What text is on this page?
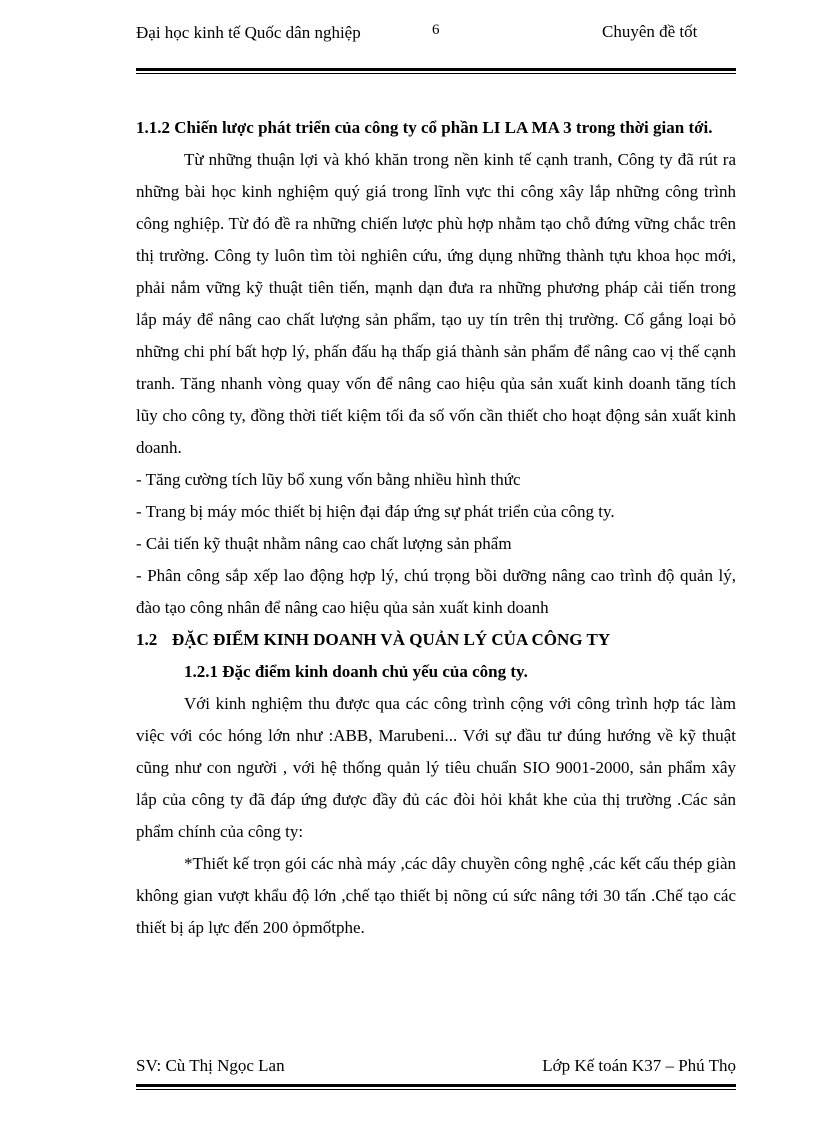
Đại học kinh tế Quốc dân nghiệp	6	Chuyên đề tốt

1.1.2 Chiến lược phát triển của công ty cổ phần LI LA MA 3 trong thời gian tới.

Từ những thuận lợi và khó khăn trong nền kinh tế cạnh tranh, Công ty đã rút ra những bài học kinh nghiệm quý giá trong lĩnh vực thi công xây lắp những công trình công nghiệp. Từ đó đề ra những chiến lược phù hợp nhằm tạo chỗ đứng vững chắc trên thị trường. Công ty luôn tìm tòi nghiên cứu, ứng dụng những thành tựu khoa học mới, phải nắm vững kỹ thuật tiên tiến, mạnh dạn đưa ra những phương pháp cải tiến trong lắp máy để nâng cao chất lượng sản phẩm, tạo uy tín trên thị trường. Cố gắng loại bỏ những chi phí bất hợp lý, phấn đấu hạ thấp giá thành sản phẩm để nâng cao vị thế cạnh tranh. Tăng nhanh vòng quay vốn để nâng cao hiệu qủa sản xuất kinh doanh tăng tích lũy cho công ty, đồng thời tiết kiệm tối đa số vốn cần thiết cho hoạt động sản xuất kinh doanh.

- Tăng cường tích lũy bổ xung vốn bằng nhiều hình thức

- Trang bị máy móc thiết bị hiện đại đáp ứng sự phát triển của công ty.

- Cải tiến kỹ thuật nhằm nâng cao chất lượng sản phẩm

- Phân công sắp xếp lao động hợp lý, chú trọng bồi dưỡng nâng cao trình độ quản lý, đào tạo công nhân để nâng cao hiệu qủa sản xuất kinh doanh

1.2 ĐẶC ĐIỂM KINH DOANH VÀ QUẢN LÝ CỦA CÔNG TY

1.2.1 Đặc điểm kinh doanh chủ yếu của công ty.

Với kinh nghiệm thu được qua các công trình cộng với công trình hợp tác làm việc với cóc hóng lớn như :ABB, Marubeni... Với sự đầu tư đúng hướng về kỹ thuật cũng như con người , với hệ thống quản lý tiêu chuẩn SIO 9001-2000, sản phẩm xây lắp của công ty đã đáp ứng được đầy đủ các đòi hỏi khắt khe của thị trường .Các sản phẩm chính của công ty:

*Thiết kế trọn gói các nhà máy ,các dây chuyền công nghệ ,các kết cấu thép giàn không gian vượt khẩu độ lớn ,chế tạo thiết bị nõng cú sức nâng tới 30 tấn .Chế tạo các thiết bị áp lực đến 200 ỏpmốtphe.

SV: Cù Thị Ngọc Lan	Lớp Kế toán K37 – Phú Thọ
